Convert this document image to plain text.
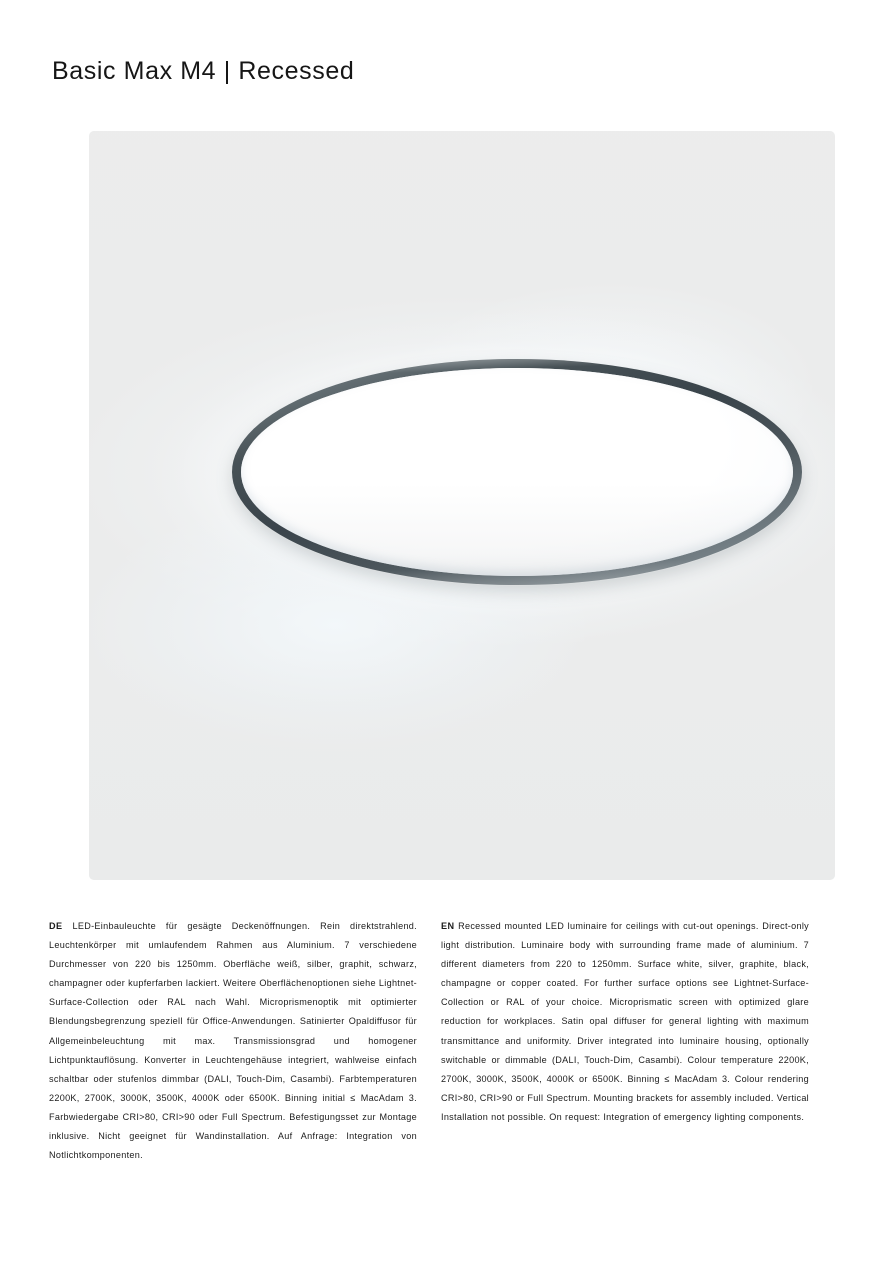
Basic Max M4 | Recessed

DE LED-Einbauleuchte für gesägte Deckenöffnungen. Rein direktstrahlend. Leuchtenkörper mit umlaufendem Rahmen aus Aluminium. 7 verschiedene Durchmesser von 220 bis 1250mm. Oberfläche weiß, silber, graphit, schwarz, champagner oder kupferfarben lackiert. Weitere Oberflächenoptionen siehe Lightnet-Surface-Collection oder RAL nach Wahl. Microprismenoptik mit optimierter Blendungsbegrenzung speziell für Office-Anwendungen. Satinierter Opaldiffusor für Allgemeinbeleuchtung mit max. Transmissionsgrad und homogener Lichtpunktauflösung. Konverter in Leuchtengehäuse integriert, wahlweise einfach schaltbar oder stufenlos dimmbar (DALI, Touch-Dim, Casambi). Farbtemperaturen 2200K, 2700K, 3000K, 3500K, 4000K oder 6500K. Binning initial ≤ MacAdam 3. Farbwiedergabe CRI>80, CRI>90 oder Full Spectrum. Befestigungsset zur Montage inklusive. Nicht geeignet für Wandinstallation. Auf Anfrage: Integration von Notlichtkomponenten.

EN Recessed mounted LED luminaire for ceilings with cut-out openings. Direct-only light distribution. Luminaire body with surrounding frame made of aluminium. 7 different diameters from 220 to 1250mm. Surface white, silver, graphite, black, champagne or copper coated. For further surface options see Lightnet-Surface-Collection or RAL of your choice. Microprismatic screen with optimized glare reduction for workplaces. Satin opal diffuser for general lighting with maximum transmittance and uniformity. Driver integrated into luminaire housing, optionally switchable or dimmable (DALI, Touch-Dim, Casambi). Colour temperature 2200K, 2700K, 3000K, 3500K, 4000K or 6500K. Binning ≤ MacAdam 3. Colour rendering CRI>80, CRI>90 or Full Spectrum. Mounting brackets for assembly included. Vertical Installation not possible. On request: Integration of emergency lighting components.
